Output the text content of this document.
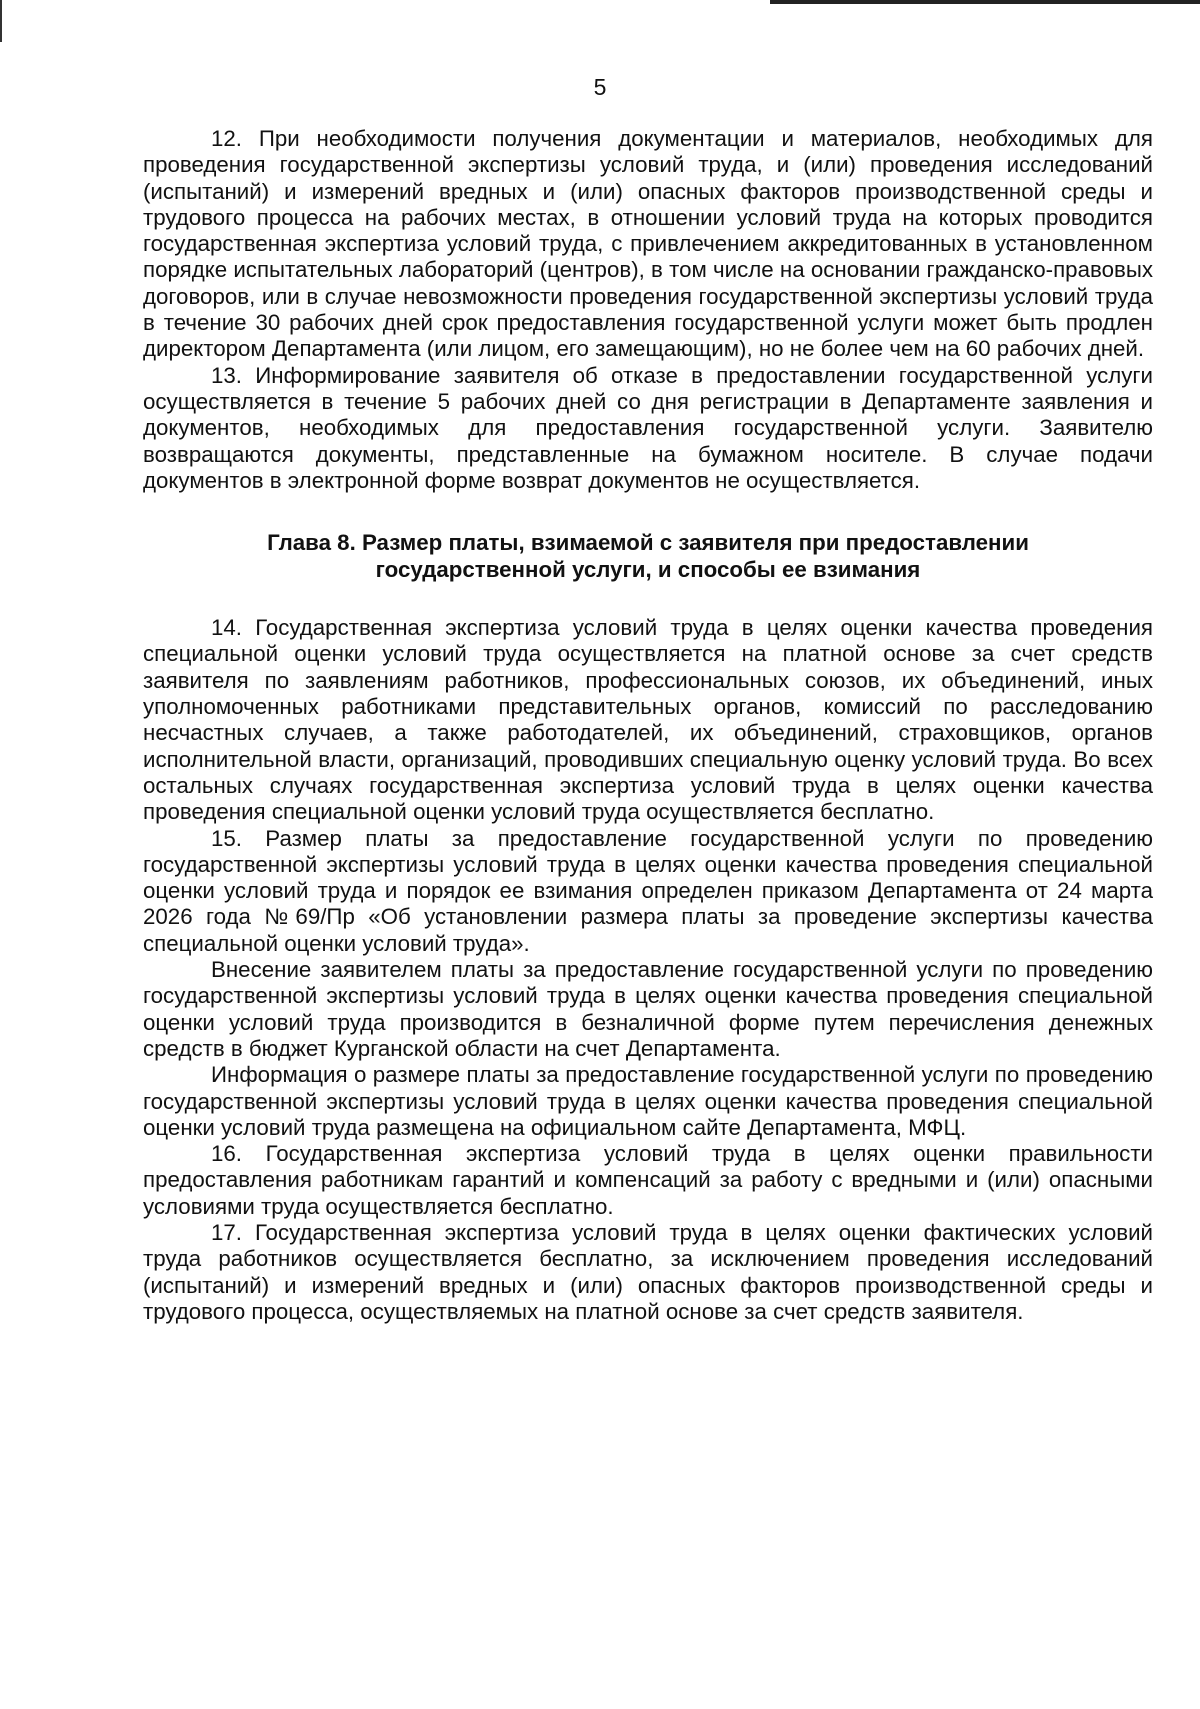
5

12. При необходимости получения документации и материалов, необходимых для проведения государственной экспертизы условий труда, и (или) проведения исследований (испытаний) и измерений вредных и (или) опасных факторов производственной среды и трудового процесса на рабочих местах, в отношении условий труда на которых проводится государственная экспертиза условий труда, с привлечением аккредитованных в установленном порядке испытательных лабораторий (центров), в том числе на основании гражданско-правовых договоров, или в случае невозможности проведения государственной экспертизы условий труда в течение 30 рабочих дней срок предоставления государственной услуги может быть продлен директором Департамента (или лицом, его замещающим), но не более чем на 60 рабочих дней.

13. Информирование заявителя об отказе в предоставлении государственной услуги осуществляется в течение 5 рабочих дней со дня регистрации в Департаменте заявления и документов, необходимых для предоставления государственной услуги. Заявителю возвращаются документы, представленные на бумажном носителе. В случае подачи документов в электронной форме возврат документов не осуществляется.

Глава 8. Размер платы, взимаемой с заявителя при предоставлении государственной услуги, и способы ее взимания

14. Государственная экспертиза условий труда в целях оценки качества проведения специальной оценки условий труда осуществляется на платной основе за счет средств заявителя по заявлениям работников, профессиональных союзов, их объединений, иных уполномоченных работниками представительных органов, комиссий по расследованию несчастных случаев, а также работодателей, их объединений, страховщиков, органов исполнительной власти, организаций, проводивших специальную оценку условий труда. Во всех остальных случаях государственная экспертиза условий труда в целях оценки качества проведения специальной оценки условий труда осуществляется бесплатно.

15. Размер платы за предоставление государственной услуги по проведению государственной экспертизы условий труда в целях оценки качества проведения специальной оценки условий труда и порядок ее взимания определен приказом Департамента от 24 марта 2026 года №69/Пр «Об установлении размера платы за проведение экспертизы качества специальной оценки условий труда».

Внесение заявителем платы за предоставление государственной услуги по проведению государственной экспертизы условий труда в целях оценки качества проведения специальной оценки условий труда производится в безналичной форме путем перечисления денежных средств в бюджет Курганской области на счет Департамента.

Информация о размере платы за предоставление государственной услуги по проведению государственной экспертизы условий труда в целях оценки качества проведения специальной оценки условий труда размещена на официальном сайте Департамента, МФЦ.

16. Государственная экспертиза условий труда в целях оценки правильности предоставления работникам гарантий и компенсаций за работу с вредными и (или) опасными условиями труда осуществляется бесплатно.

17. Государственная экспертиза условий труда в целях оценки фактических условий труда работников осуществляется бесплатно, за исключением проведения исследований (испытаний) и измерений вредных и (или) опасных факторов производственной среды и трудового процесса, осуществляемых на платной основе за счет средств заявителя.
